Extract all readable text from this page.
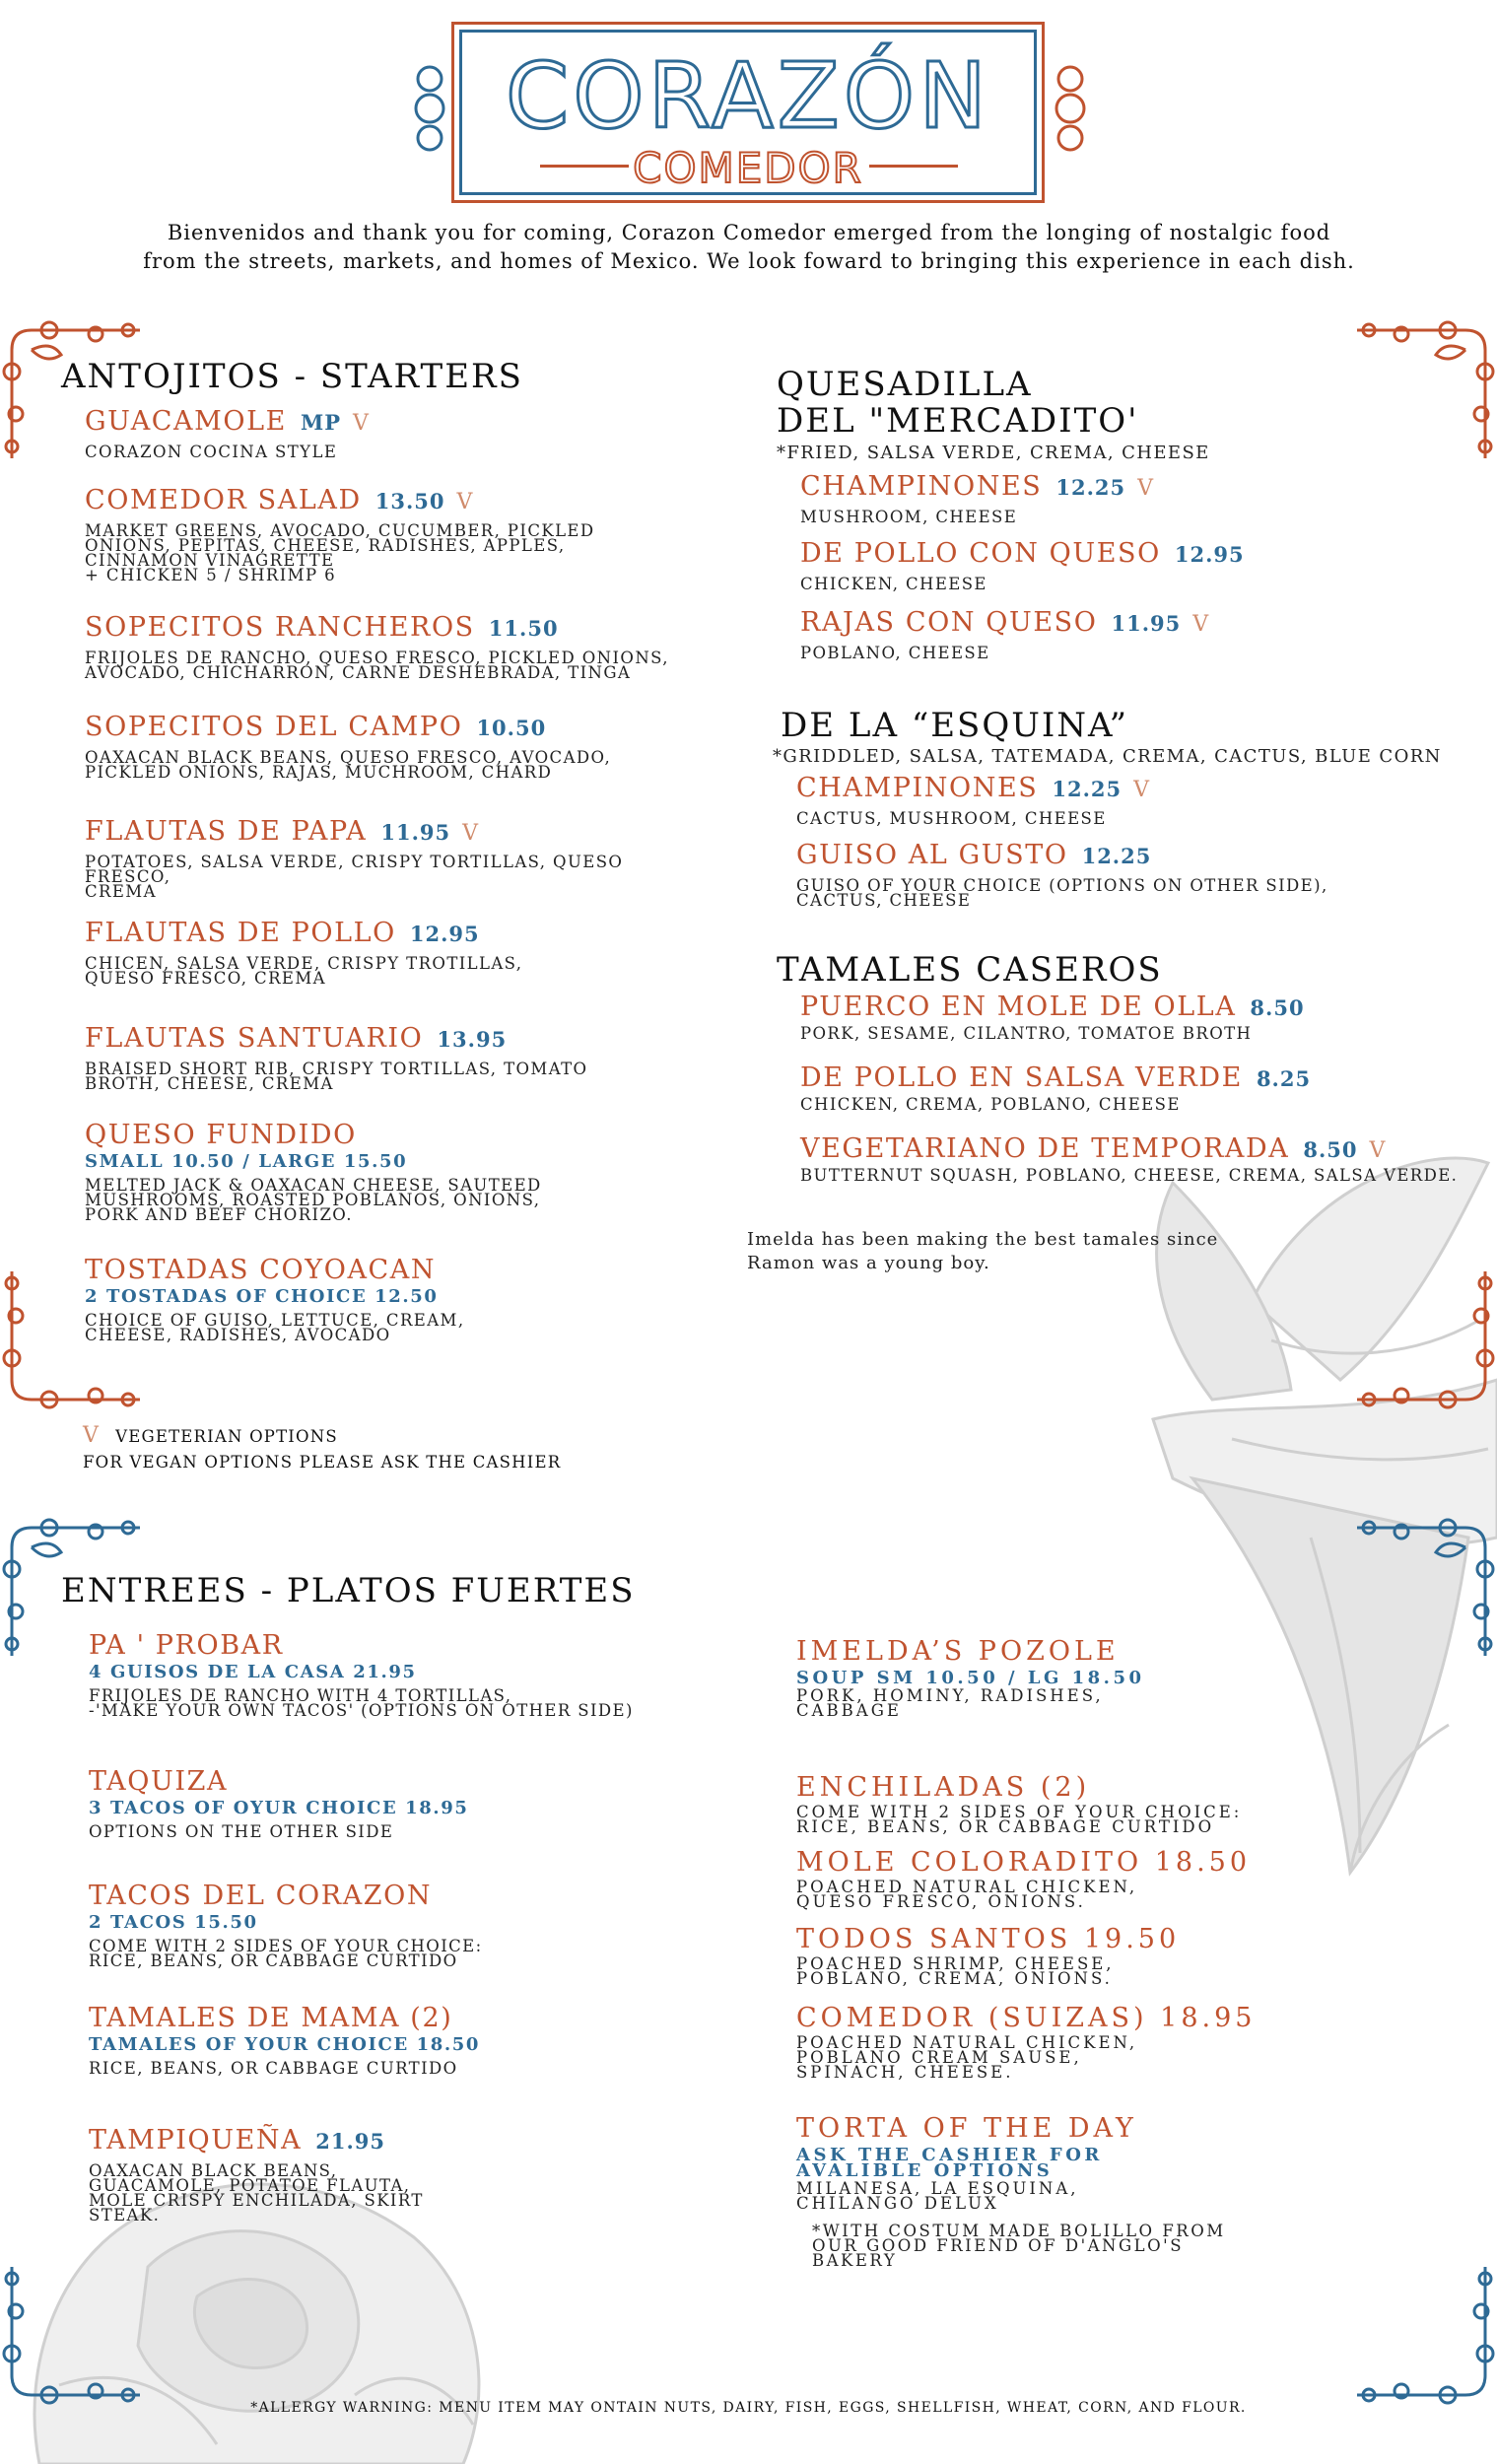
CORAZÓN
COMEDOR
Bienvenidos and thank you for coming, Corazon Comedor emerged from the longing of nostalgic food from the streets, markets, and homes of Mexico. We look foward to bringing this experience in each dish.
ANTOJITOS - STARTERS
GUACAMOLE MP V
CORAZON COCINA STYLE
COMEDOR SALAD 13.50 V
MARKET GREENS, AVOCADO, CUCUMBER, PICKLED
ONIONS, PEPITAS, CHEESE, RADISHES, APPLES,
CINNAMON VINAGRETTE
+ CHICKEN 5 / SHRIMP 6
SOPECITOS RANCHEROS 11.50
FRIJOLES DE RANCHO, QUESO FRESCO, PICKLED ONIONS,
AVOCADO, CHICHARRON, CARNE DESHEBRADA, TINGA
SOPECITOS DEL CAMPO 10.50
OAXACAN BLACK BEANS, QUESO FRESCO, AVOCADO,
PICKLED ONIONS, RAJAS, MUCHROOM, CHARD
FLAUTAS DE PAPA 11.95 V
POTATOES, SALSA VERDE, CRISPY TORTILLAS, QUESO FRESCO,
CREMA
FLAUTAS DE POLLO 12.95
CHICEN, SALSA VERDE, CRISPY TROTILLAS,
QUESO FRESCO, CREMA
FLAUTAS SANTUARIO 13.95
BRAISED SHORT RIB, CRISPY TORTILLAS, TOMATO
BROTH, CHEESE, CREMA
QUESO FUNDIDO
SMALL 10.50 / LARGE 15.50
MELTED JACK & OAXACAN CHEESE, SAUTEED
MUSHROOMS, ROASTED POBLANOS, ONIONS,
PORK AND BEEF CHORIZO.
TOSTADAS COYOACAN
2 TOSTADAS OF CHOICE 12.50
CHOICE OF GUISO, LETTUCE, CREAM,
CHEESE, RADISHES, AVOCADO
V VEGETERIAN OPTIONS
FOR VEGAN OPTIONS PLEASE ASK THE CASHIER
QUESADILLA
DEL "MERCADITO'
*FRIED, SALSA VERDE, CREMA, CHEESE
CHAMPINONES 12.25 V
MUSHROOM, CHEESE
DE POLLO CON QUESO 12.95
CHICKEN, CHEESE
RAJAS CON QUESO 11.95 V
POBLANO, CHEESE
DE LA “ESQUINA”
*GRIDDLED, SALSA, TATEMADA, CREMA, CACTUS, BLUE CORN
CHAMPINONES 12.25 V
CACTUS, MUSHROOM, CHEESE
GUISO AL GUSTO 12.25
GUISO OF YOUR CHOICE (OPTIONS ON OTHER SIDE),
CACTUS, CHEESE
TAMALES CASEROS
PUERCO EN MOLE DE OLLA 8.50
PORK, SESAME, CILANTRO, TOMATOE BROTH
DE POLLO EN SALSA VERDE 8.25
CHICKEN, CREMA, POBLANO, CHEESE
VEGETARIANO DE TEMPORADA 8.50 V
BUTTERNUT SQUASH, POBLANO, CHEESE, CREMA, SALSA VERDE.
Imelda has been making the best tamales since
Ramon was a young boy.
ENTREES - PLATOS FUERTES
PA ' PROBAR
4 GUISOS DE LA CASA 21.95
FRIJOLES DE RANCHO WITH 4 TORTILLAS,
-'MAKE YOUR OWN TACOS' (OPTIONS ON OTHER SIDE)
TAQUIZA
3 TACOS OF OYUR CHOICE 18.95
OPTIONS ON THE OTHER SIDE
TACOS DEL CORAZON
2 TACOS 15.50
COME WITH 2 SIDES OF YOUR CHOICE:
RICE, BEANS, OR CABBAGE CURTIDO
TAMALES DE MAMA (2)
TAMALES OF YOUR CHOICE 18.50
RICE, BEANS, OR CABBAGE CURTIDO
TAMPIQUEÑA 21.95
OAXACAN BLACK BEANS,
GUACAMOLE, POTATOE FLAUTA,
MOLE CRISPY ENCHILADA, SKIRT
STEAK.
IMELDA’S POZOLE
SOUP SM 10.50 / LG 18.50
PORK, HOMINY, RADISHES,
CABBAGE
ENCHILADAS (2)
COME WITH 2 SIDES OF YOUR CHOICE:
RICE, BEANS, OR CABBAGE CURTIDO
MOLE COLORADITO 18.50
POACHED NATURAL CHICKEN,
QUESO FRESCO, ONIONS.
TODOS SANTOS 19.50
POACHED SHRIMP, CHEESE,
POBLANO, CREMA, ONIONS.
COMEDOR (SUIZAS) 18.95
POACHED NATURAL CHICKEN,
POBLANO CREAM SAUSE,
SPINACH, CHEESE.
TORTA OF THE DAY
ASK THE CASHIER FOR
AVALIBLE OPTIONS
MILANESA, LA ESQUINA,
CHILANGO DELUX
*WITH COSTUM MADE BOLILLO FROM
OUR GOOD FRIEND OF D'ANGLO'S
BAKERY
*ALLERGY WARNING: MENU ITEM MAY ONTAIN NUTS, DAIRY, FISH, EGGS, SHELLFISH, WHEAT, CORN, AND FLOUR.
